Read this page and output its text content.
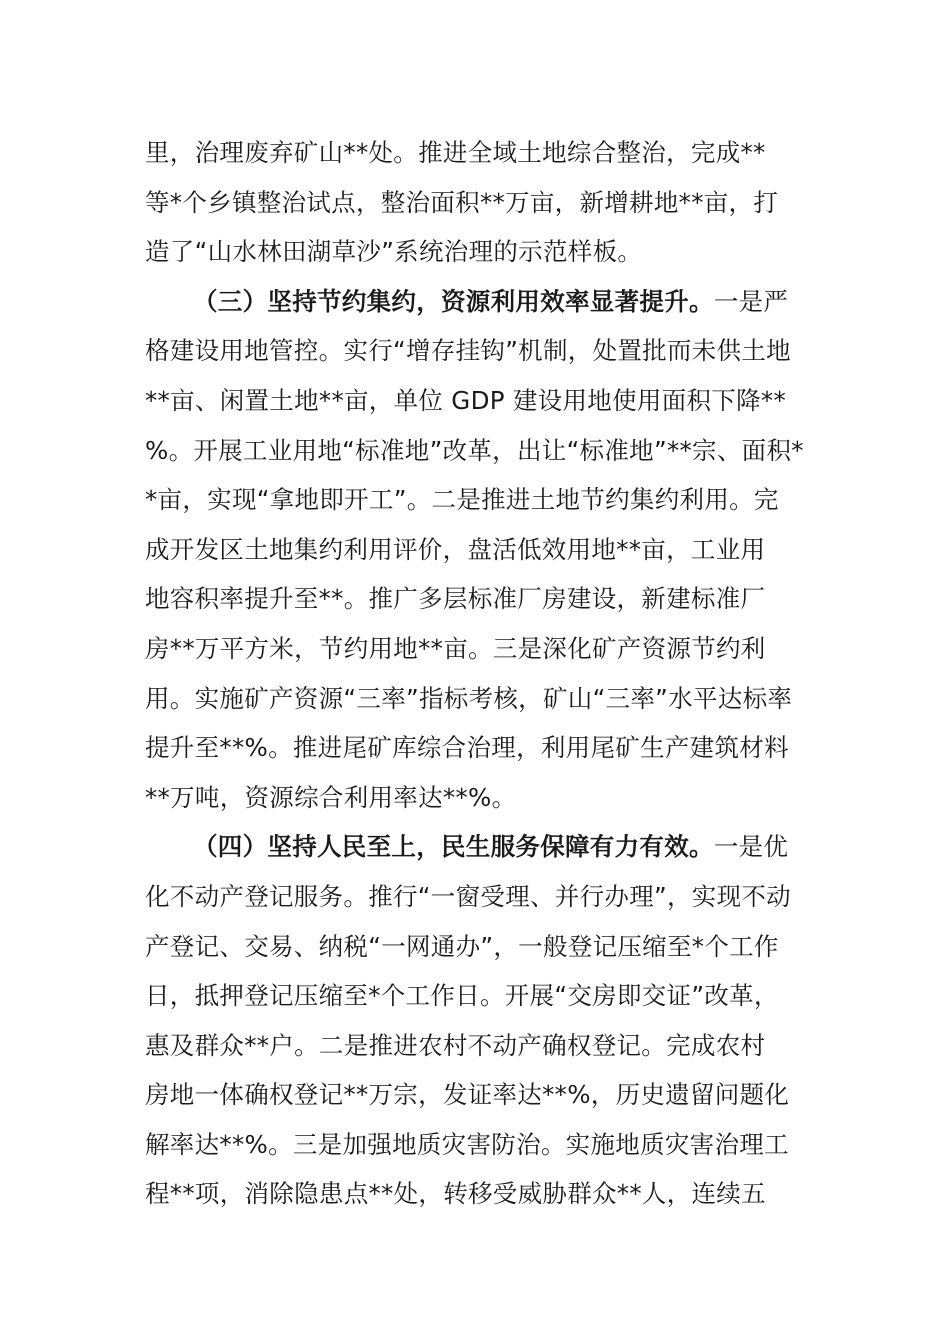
里，治理废弃矿山**处。推进全域土地综合整治，完成**
等*个乡镇整治试点，整治面积**万亩，新增耕地**亩，打
造了“山水林田湖草沙”系统治理的示范样板。
（三）坚持节约集约，资源利用效率显著提升。一是严
格建设用地管控。实行“增存挂钩”机制，处置批而未供土地
**亩、闲置土地**亩，单位 GDP 建设用地使用面积下降**
%。开展工业用地“标准地”改革，出让“标准地”**宗、面积*
*亩，实现“拿地即开工”。二是推进土地节约集约利用。完
成开发区土地集约利用评价，盘活低效用地**亩，工业用
地容积率提升至**。推广多层标准厂房建设，新建标准厂
房**万平方米，节约用地**亩。三是深化矿产资源节约利
用。实施矿产资源“三率”指标考核，矿山“三率”水平达标率
提升至**%。推进尾矿库综合治理，利用尾矿生产建筑材料
**万吨，资源综合利用率达**%。
（四）坚持人民至上，民生服务保障有力有效。一是优
化不动产登记服务。推行“一窗受理、并行办理”，实现不动
产登记、交易、纳税“一网通办”，一般登记压缩至*个工作
日，抵押登记压缩至*个工作日。开展“交房即交证”改革，
惠及群众**户。二是推进农村不动产确权登记。完成农村
房地一体确权登记**万宗，发证率达**%，历史遗留问题化
解率达**%。三是加强地质灾害防治。实施地质灾害治理工
程**项，消除隐患点**处，转移受威胁群众**人，连续五
